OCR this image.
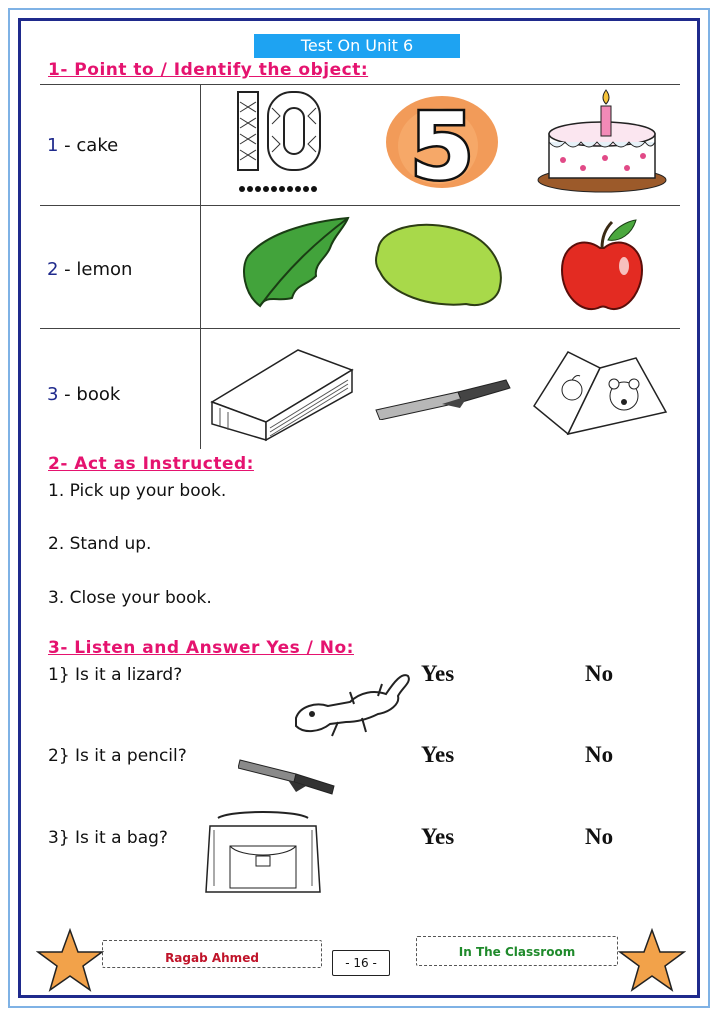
Test On Unit 6
1- Point to / Identify the object:
1 - cake
2 - lemon
3 - book
5
2- Act as Instructed:
1. Pick up your book.
2. Stand up.
3. Close your book.
3- Listen and Answer Yes / No:
1} Is it a lizard?	Yes	No
2} Is it a pencil?	Yes	No
3} Is it a bag?	Yes	No
Ragab Ahmed	- 16 -
In The Classroom
